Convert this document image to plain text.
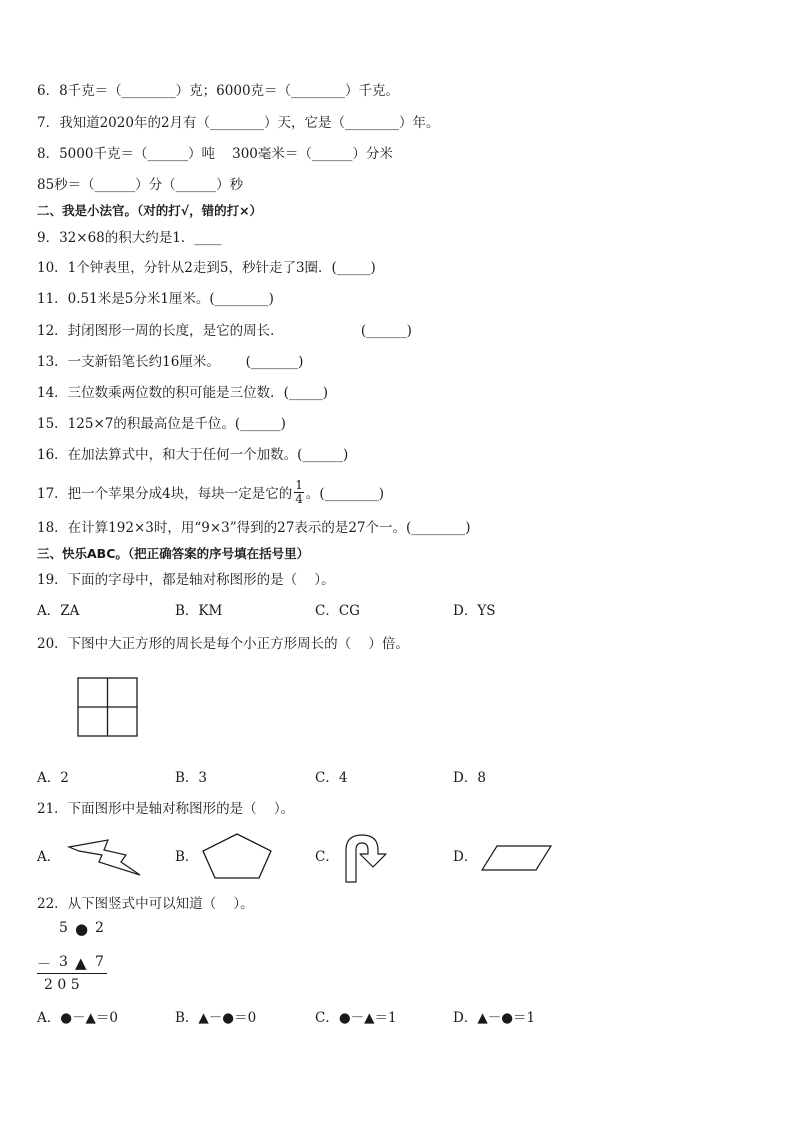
6．8千克＝（________）克；6000克＝（________）千克。
7．我知道2020年的2月有（________）天，它是（________）年。
8．5000千克＝（______）吨    300毫米＝（______）分米
85秒＝（______）分（______）秒
二、我是小法官。（对的打√，错的打×）
9．32×68的积大约是1．____
10．1个钟表里，分针从2走到5，秒针走了3圈．(_____)
11．0.51米是5分米1厘米。(________)
12．封闭图形一周的长度，是它的周长．                  (______)
13．一支新铅笔长约16厘米。      (_______)
14．三位数乘两位数的积可能是三位数．(_____)
15．125×7的积最高位是千位。(______)
16．在加法算式中，和大于任何一个加数。(______)
17．把一个苹果分成4块，每块一定是它的 $\frac{1}{4}$ 。(________)
18．在计算192×3时，用“9×3”得到的27表示的是27个一。(________)
三、快乐ABC。（把正确答案的序号填在括号里）
19．下面的字母中，都是轴对称图形的是（    ）。
A．ZA	B．KM	C．CG	D．YS
20．下图中大正方形的周长是每个小正方形周长的（    ）倍。
A．2	B．3	C．4	D．8
21．下面图形中是轴对称图形的是（    ）。
A．	B．	C．	D．
22．从下图竖式中可以知道（    ）。
5 ● 2
－ 3 ▲ 7
2 0 5
A．●－▲＝0	B．▲－●＝0	C．●－▲＝1	D．▲－●＝1
